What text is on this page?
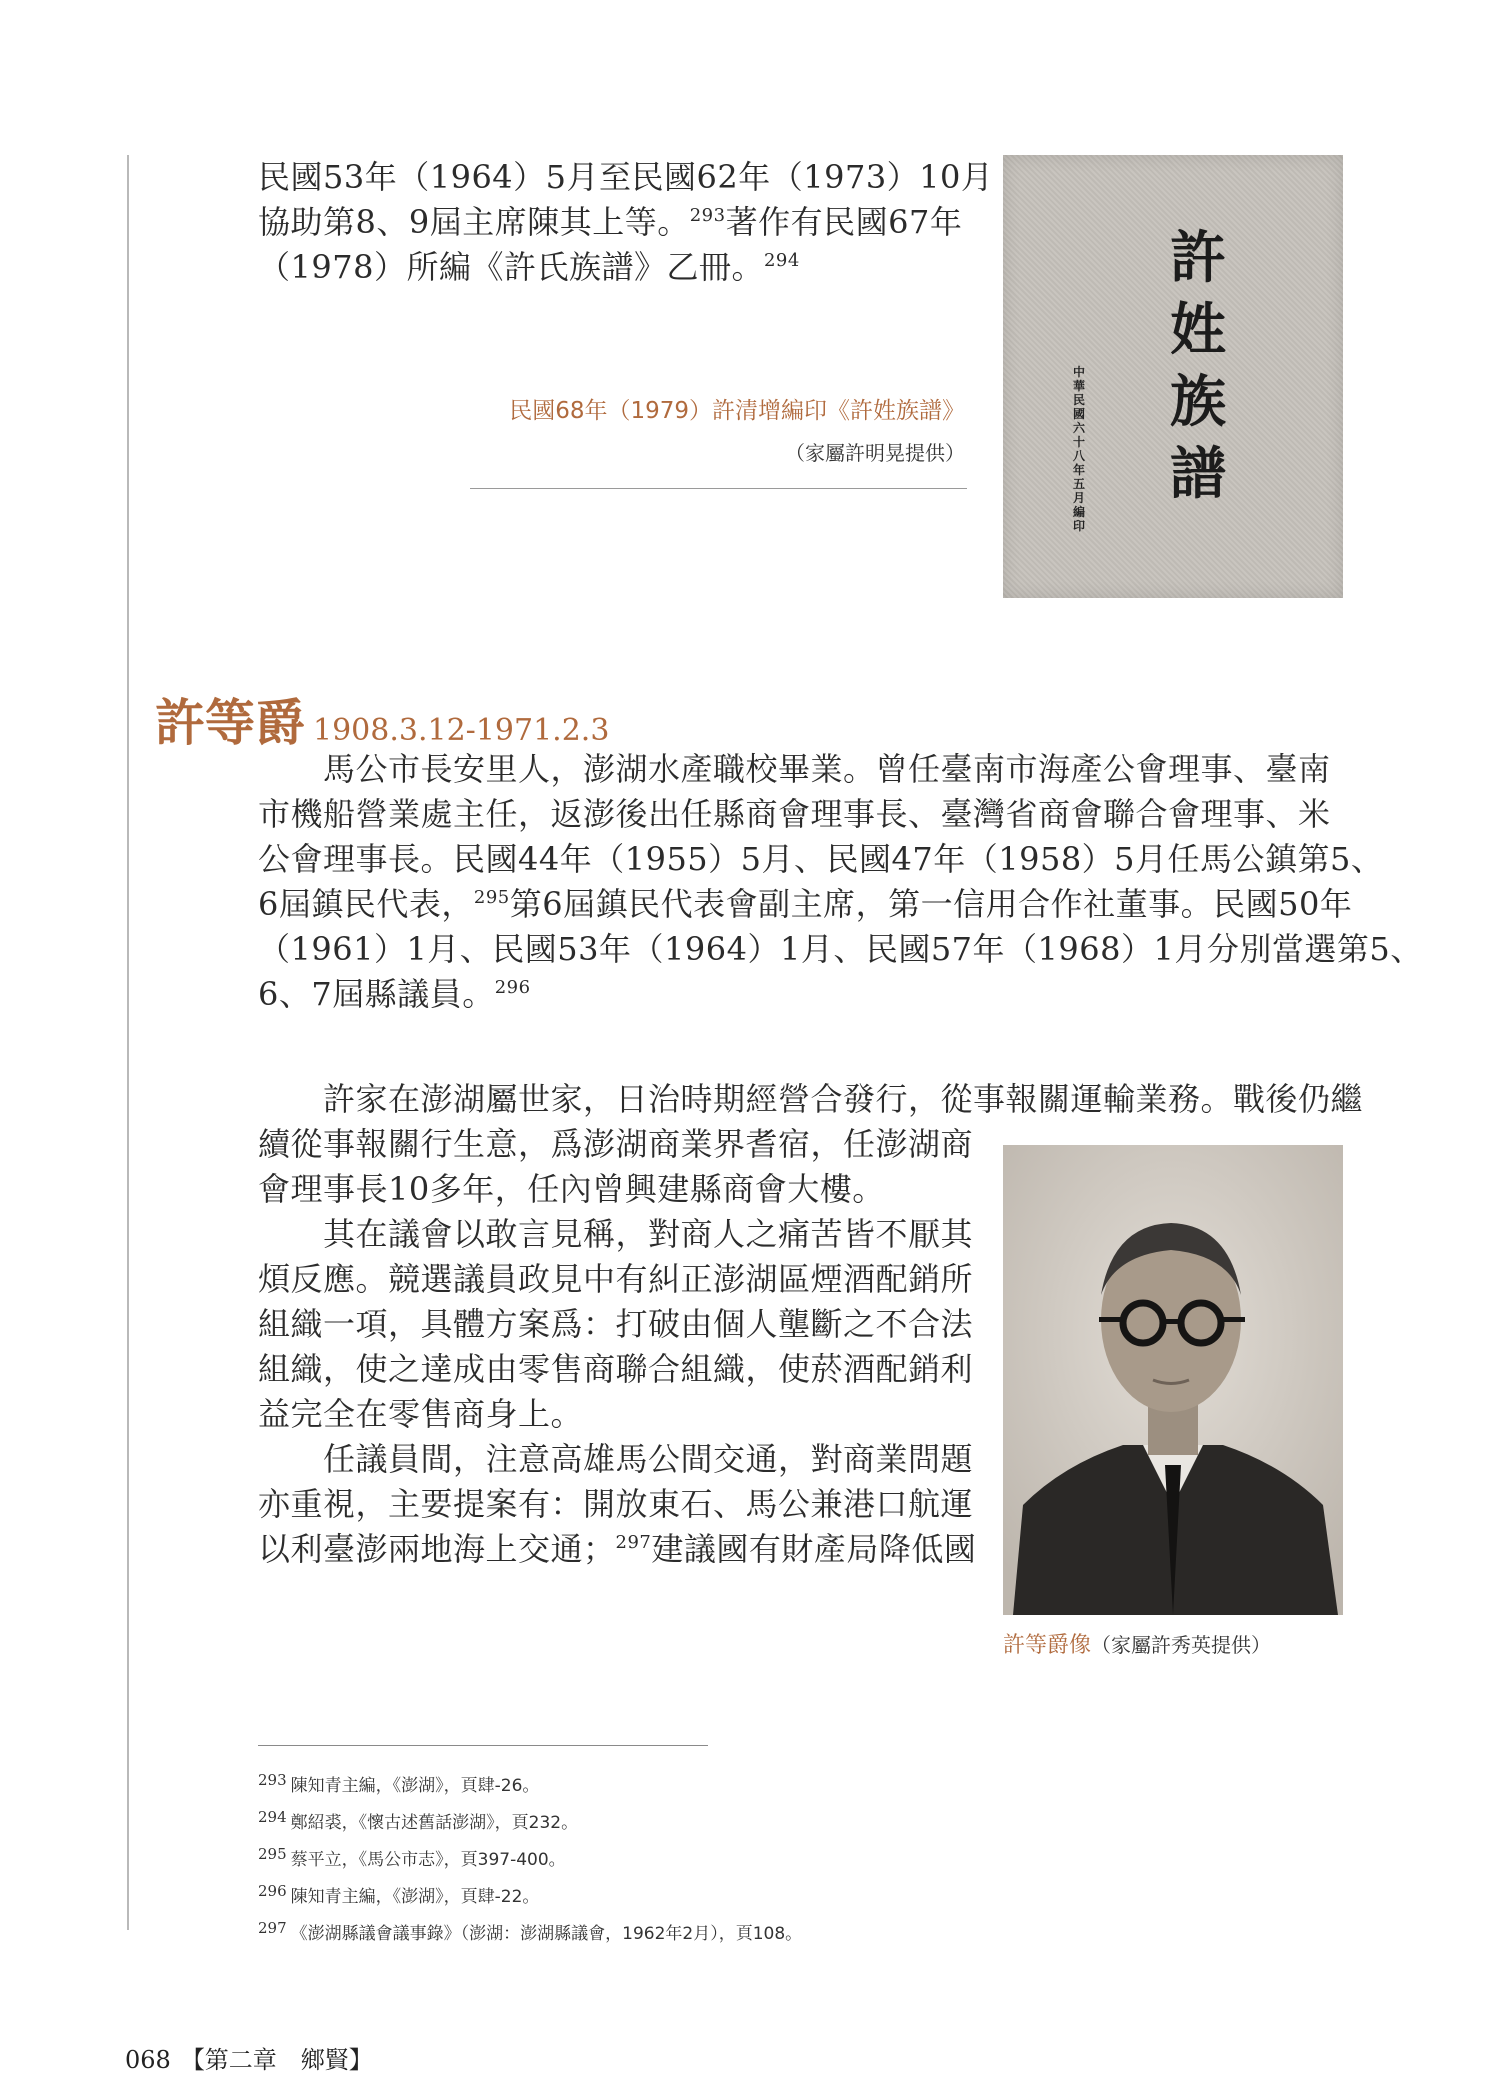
民國53年（1964）5月至民國62年（1973）10月
協助第8、9屆主席陳其上等。$^{293}$著作有民國67年
（1978）所編《許氏族譜》乙冊。$^{294}$
民國68年（1979）許清增編印《許姓族譜》
（家屬許明晃提供）
許
姓
族
譜
中
華
民
國
六
十
八
年
五
月
編
印
許等爵 1908.3.12-1971.2.3
　　馬公市長安里人，澎湖水產職校畢業。曾任臺南市海產公會理事、臺南
市機船營業處主任，返澎後出任縣商會理事長、臺灣省商會聯合會理事、米
公會理事長。民國44年（1955）5月、民國47年（1958）5月任馬公鎮第5、
6屆鎮民代表，$^{295}$第6屆鎮民代表會副主席，第一信用合作社董事。民國50年
（1961）1月、民國53年（1964）1月、民國57年（1968）1月分別當選第5、
6、7屆縣議員。$^{296}$
　　許家在澎湖屬世家，日治時期經營合發行，從事報關運輸業務。戰後仍繼
續從事報關行生意，爲澎湖商業界耆宿，任澎湖商
會理事長10多年，任內曾興建縣商會大樓。
　　其在議會以敢言見稱，對商人之痛苦皆不厭其
煩反應。競選議員政見中有糾正澎湖區煙酒配銷所
組織一項，具體方案爲：打破由個人壟斷之不合法
組織，使之達成由零售商聯合組織，使菸酒配銷利
益完全在零售商身上。
　　任議員間，注意高雄馬公間交通，對商業問題
亦重視，主要提案有：開放東石、馬公兼港口航運
以利臺澎兩地海上交通；$^{297}$建議國有財產局降低國
許等爵像（家屬許秀英提供）
293 陳知青主編，《澎湖》，頁肆-26。
294 鄭紹裘，《懷古述舊話澎湖》，頁232。
295 蔡平立，《馬公市志》，頁397-400。
296 陳知青主編，《澎湖》，頁肆-22。
297 《澎湖縣議會議事錄》（澎湖：澎湖縣議會，1962年2月），頁108。
068 【第二章　鄉賢】
